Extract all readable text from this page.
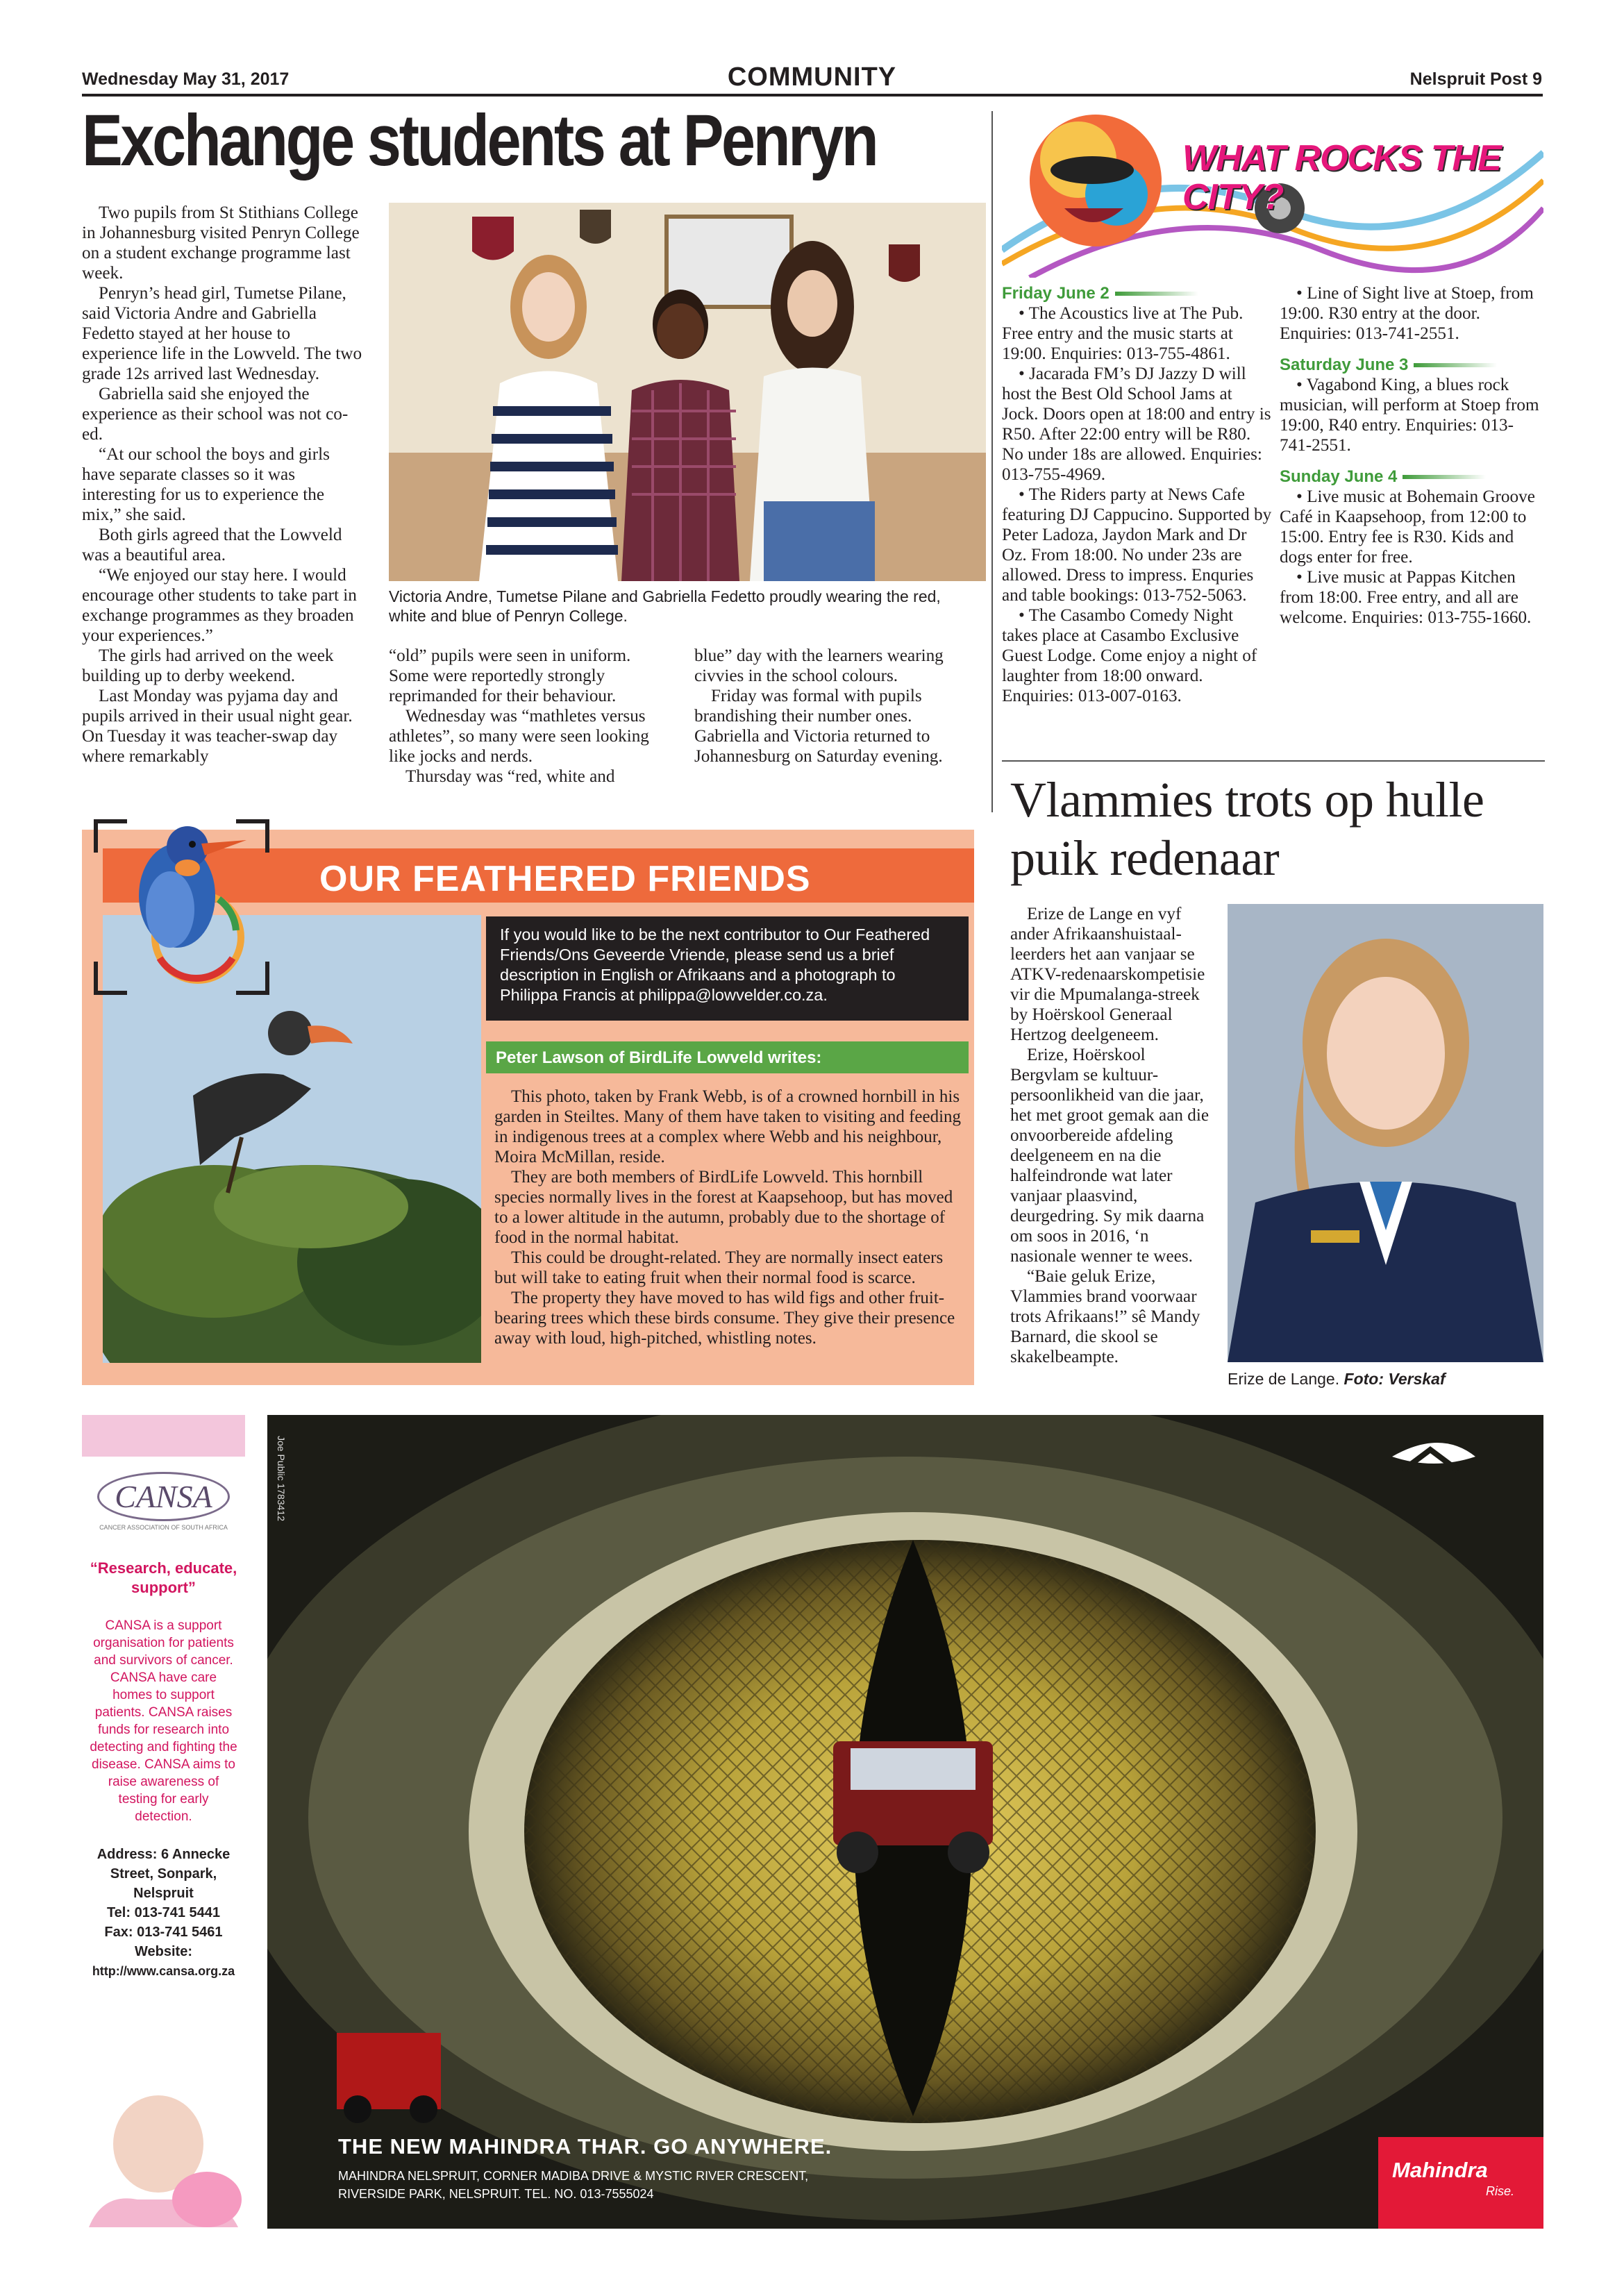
Wednesday May 31, 2017	COMMUNITY	Nelspruit Post 9
Exchange students at Penryn

Two pupils from St Stithians College in Johannesburg visited Penryn College on a student exchange programme last week.

Penryn’s head girl, Tumetse Pilane, said Victoria Andre and Gabriella Fedetto stayed at her house to experience life in the Lowveld. The two grade 12s arrived last Wednesday.

Gabriella said she enjoyed the experience as their school was not co-ed.

“At our school the boys and girls have separate classes so it was interesting for us to experience the mix,” she said.

Both girls agreed that the Lowveld was a beautiful area.

“We enjoyed our stay here. I would encourage other students to take part in exchange programmes as they broaden your experiences.”

The girls had arrived on the week building up to derby weekend.

Last Monday was pyjama day and pupils arrived in their usual night gear. On Tuesday it was teacher-swap day where remarkably

Victoria Andre, Tumetse Pilane and Gabriella Fedetto proudly wearing the red, white and blue of Penryn College.

“old” pupils were seen in uniform. Some were reportedly strongly reprimanded for their behaviour.

Wednesday was “mathletes versus athletes”, so many were seen looking like jocks and nerds.

Thursday was “red, white and

blue” day with the learners wearing civvies in the school colours.

Friday was formal with pupils brandishing their number ones. Gabriella and Victoria returned to Johannesburg on Saturday evening.

WHAT ROCKS THE CITY?
Friday June 2

• The Acoustics live at The Pub. Free entry and the music starts at 19:00. Enquiries: 013-755-4861.

• Jacarada FM’s DJ Jazzy D will host the Best Old School Jams at Jock. Doors open at 18:00 and entry is R50. After 22:00 entry will be R80. No under 18s are allowed. Enquiries: 013-755-4969.

• The Riders party at News Cafe featuring DJ Cappucino. Supported by Peter Ladoza, Jaydon Mark and Dr Oz. From 18:00. No under 23s are allowed. Dress to impress. Enquries and table bookings: 013-752-5063.

• The Casambo Comedy Night takes place at Casambo Exclusive Guest Lodge. Come enjoy a night of laughter from 18:00 onward. Enquiries: 013-007-0163.

• Line of Sight live at Stoep, from 19:00. R30 entry at the door. Enquiries: 013-741-2551.

Saturday June 3

• Vagabond King, a blues rock musician, will perform at Stoep from 19:00, R40 entry. Enquiries: 013-741-2551.

Sunday June 4

• Live music at Bohemain Groove Café in Kaapsehoop, from 12:00 to 15:00. Entry fee is R30. Kids and dogs enter for free.

• Live music at Pappas Kitchen from 18:00. Free entry, and all are welcome. Enquiries: 013-755-1660.

Vlammies trots op hulle puik redenaar

Erize de Lange en vyf ander Afrikaanshuistaal-leerders het aan vanjaar se ATKV-redenaarskompetisie vir die Mpumalanga-streek by Hoërskool Generaal Hertzog deelgeneem.

Erize, Hoërskool Bergvlam se kultuur-persoonlikheid van die jaar, het met groot gemak aan die onvoorbereide afdeling deelgeneem en na die halfeindronde wat later vanjaar plaasvind, deurgedring. Sy mik daarna om soos in 2016, ‘n nasionale wenner te wees.

“Baie geluk Erize, Vlammies brand voorwaar trots Afrikaans!” sê Mandy Barnard, die skool se skakelbeampte.

Erize de Lange. Foto: Verskaf
OUR FEATHERED FRIENDS
If you would like to be the next contributor to Our Feathered Friends/Ons Geveerde Vriende, please send us a brief description in English or Afrikaans and a photograph to Philippa Francis at philippa@lowvelder.co.za.
Peter Lawson of BirdLife Lowveld writes:

This photo, taken by Frank Webb, is of a crowned hornbill in his garden in Steiltes. Many of them have taken to visiting and feeding in indigenous trees at a complex where Webb and his neighbour, Moira McMillan, reside.

They are both members of BirdLife Lowveld. This hornbill species normally lives in the forest at Kaapsehoop, but has moved to a lower altitude in the autumn, probably due to the shortage of food in the normal habitat.

This could be drought-related. They are normally insect eaters but will take to eating fruit when their normal food is scarce.

The property they have moved to has wild figs and other fruit-bearing trees which these birds consume. They give their presence away with loud, high-pitched, whistling notes.

CANSA
CANCER ASSOCIATION OF SOUTH AFRICA
“Research, educate, support”
CANSA is a support organisation for patients and survivors of cancer. CANSA have care homes to support patients. CANSA raises funds for research into detecting and fighting the disease. CANSA aims to raise awareness of testing for early detection.
Address: 6 Annecke Street, Sonpark, Nelspruit
Tel: 013-741 5441
Fax: 013-741 5461
Website:
http://www.cansa.org.za
Joe Public 1783412
THE NEW MAHINDRA THAR. GO ANYWHERE.
MAHINDRA NELSPRUIT, CORNER MADIBA DRIVE & MYSTIC RIVER CRESCENT,
RIVERSIDE PARK, NELSPRUIT. TEL. NO. 013-7555024
Mahindra
Rise.
